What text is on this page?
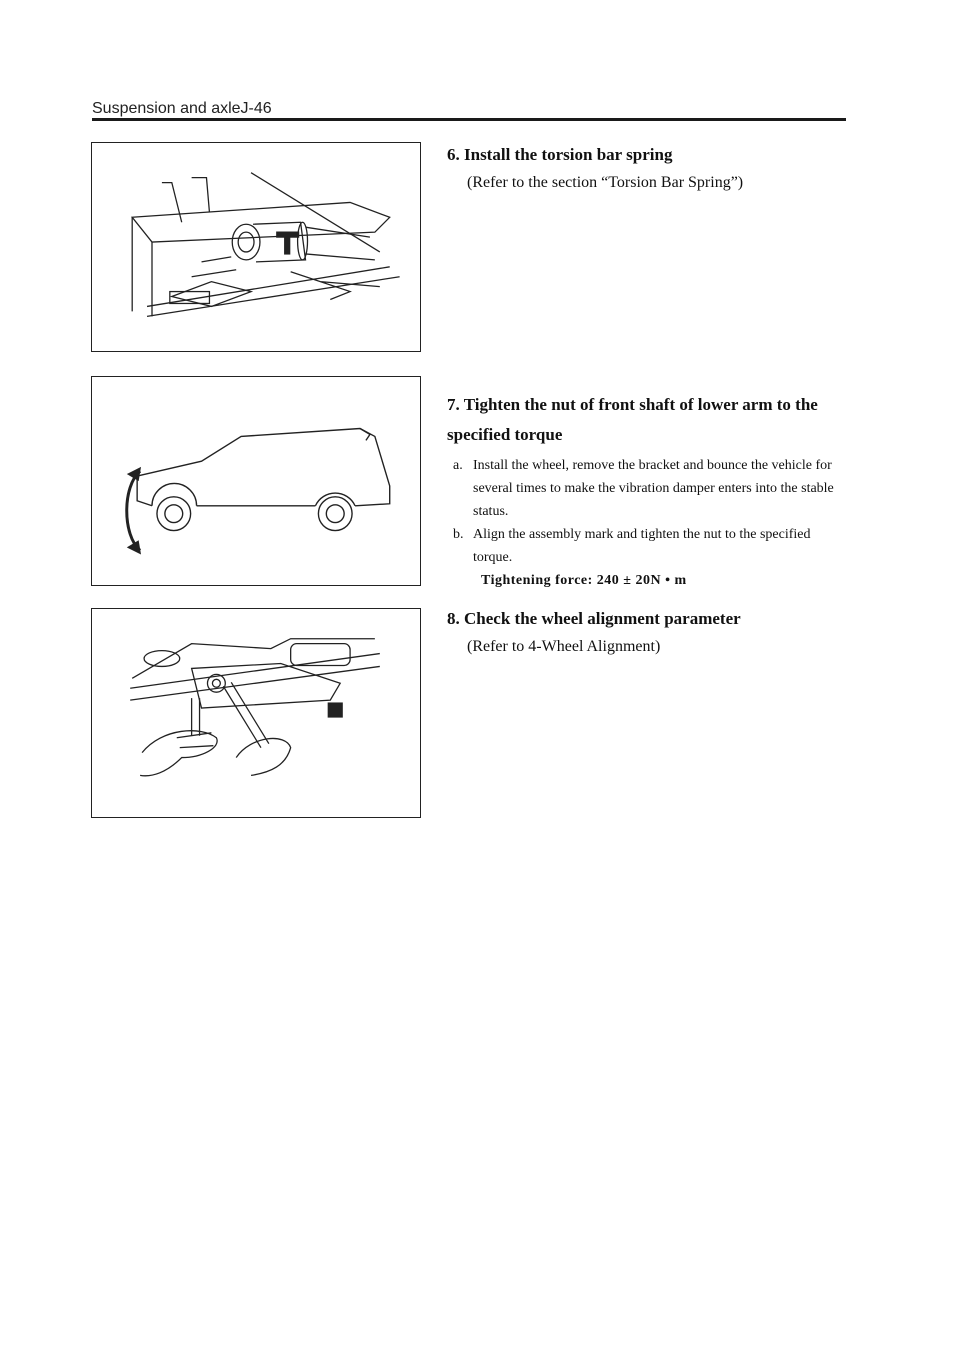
Suspension and axleJ-46

6. Install the torsion bar spring

(Refer to the section “Torsion Bar Spring”)

7. Tighten the nut of front shaft of lower arm to the specified torque

a. Install the wheel, remove the bracket and bounce the vehicle for several times to make the vibration damper enters into the stable status.
b. Align the assembly mark and tighten the nut to the specified torque.

Tightening force: 240 ± 20N • m

8. Check the wheel alignment parameter

(Refer to 4-Wheel Alignment)
